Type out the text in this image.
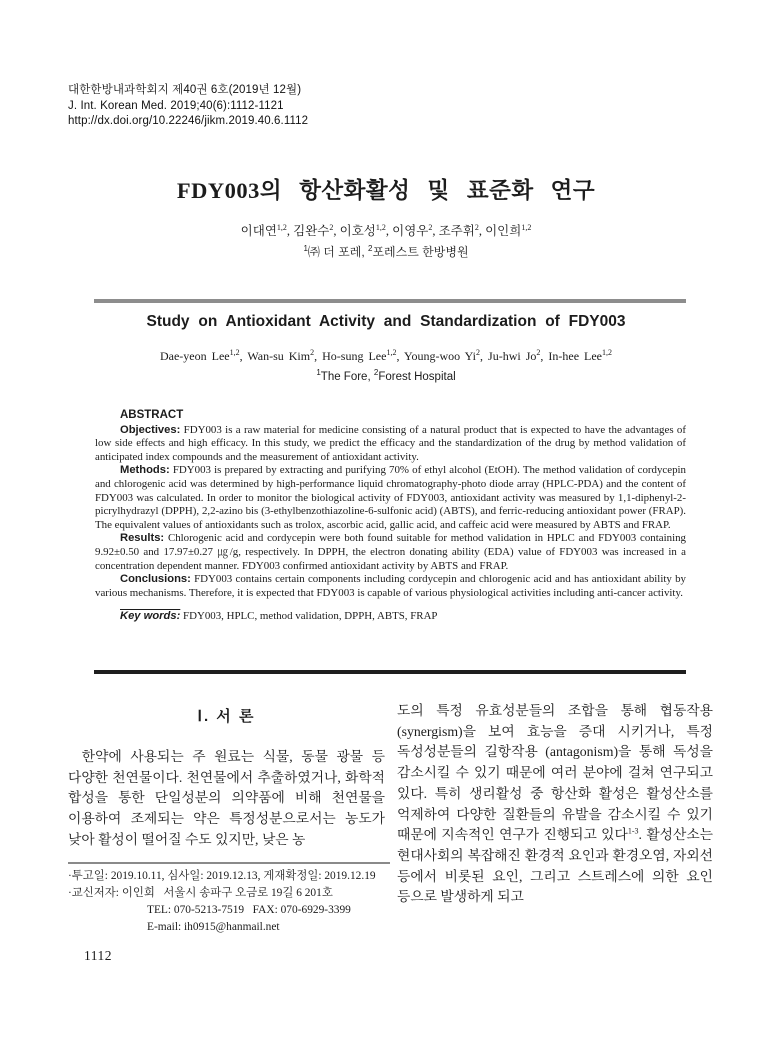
대한한방내과학회지 제40권 6호(2019년 12월)
J. Int. Korean Med. 2019;40(6):1112-1121
http://dx.doi.org/10.22246/jikm.2019.40.6.1112
FDY003의 항산화활성 및 표준화 연구
이대연$^{1,2}$, 김완수$^2$, 이호성$^{1,2}$, 이영우$^2$, 조주휘$^2$, 이인희$^{1,2}$
$^1$㈜ 더 포레, $^2$포레스트 한방병원
Study on Antioxidant Activity and Standardization of FDY003
Dae-yeon Lee$^{1,2}$, Wan-su Kim$^2$, Ho-sung Lee$^{1,2}$, Young-woo Yi$^2$, Ju-hwi Jo$^2$, In-hee Lee$^{1,2}$
$^1$The Fore, $^2$Forest Hospital
ABSTRACT

Objectives: FDY003 is a raw material for medicine consisting of a natural product that is expected to have the advantages of low side effects and high efficacy. In this study, we predict the efficacy and the standardization of the drug by method validation of anticipated index compounds and the measurement of antioxidant activity.

Methods: FDY003 is prepared by extracting and purifying 70% of ethyl alcohol (EtOH). The method validation of cordycepin and chlorogenic acid was determined by high-performance liquid chromatography-photo diode array (HPLC-PDA) and the content of FDY003 was calculated. In order to monitor the biological activity of FDY003, antioxidant activity was measured by 1,1-diphenyl-2-picrylhydrazyl (DPPH), 2,2-azino bis (3-ethylbenzothiazoline-6-sulfonic acid) (ABTS), and ferric-reducing antioxidant power (FRAP). The equivalent values of antioxidants such as trolox, ascorbic acid, gallic acid, and caffeic acid were measured by ABTS and FRAP.

Results: Chlorogenic acid and cordycepin were both found suitable for method validation in HPLC and FDY003 containing 9.92±0.50 and 17.97±0.27 ㎍/g, respectively. In DPPH, the electron donating ability (EDA) value of FDY003 was increased in a concentration dependent manner. FDY003 confirmed antioxidant activity by ABTS and FRAP.

Conclusions: FDY003 contains certain components including cordycepin and chlorogenic acid and has antioxidant ability by various mechanisms. Therefore, it is expected that FDY003 is capable of various physiological activities including anti-cancer activity.

Key words: FDY003, HPLC, method validation, DPPH, ABTS, FRAP
Ⅰ. 서 론

한약에 사용되는 주 원료는 식물, 동물 광물 등 다양한 천연물이다. 천연물에서 추출하였거나, 화학적 합성을 통한 단일성분의 의약품에 비해 천연물을 이용하여 조제되는 약은 특정성분으로서는 농도가 낮아 활성이 떨어질 수도 있지만, 낮은 농

도의 특정 유효성분들의 조합을 통해 협동작용 (synergism)을 보여 효능을 증대 시키거나, 특정 독성성분들의 길항작용 (antagonism)을 통해 독성을 감소시킬 수 있기 때문에 여러 분야에 걸쳐 연구되고 있다. 특히 생리활성 중 항산화 활성은 활성산소를 억제하여 다양한 질환들의 유발을 감소시킬 수 있기 때문에 지속적인 연구가 진행되고 있다$^{1-3}$. 활성산소는 현대사회의 복잡해진 환경적 요인과 환경오염, 자외선 등에서 비롯된 요인, 그리고 스트레스에 의한 요인 등으로 발생하게 되고

·투고일: 2019.10.11, 심사일: 2019.12.13, 게재확정일: 2019.12.19
·교신저자: 이인희   서울시 송파구 오금로 19길 6 201호
TEL: 070-5213-7519   FAX: 070-6929-3399
E-mail: ih0915@hanmail.net
1112
